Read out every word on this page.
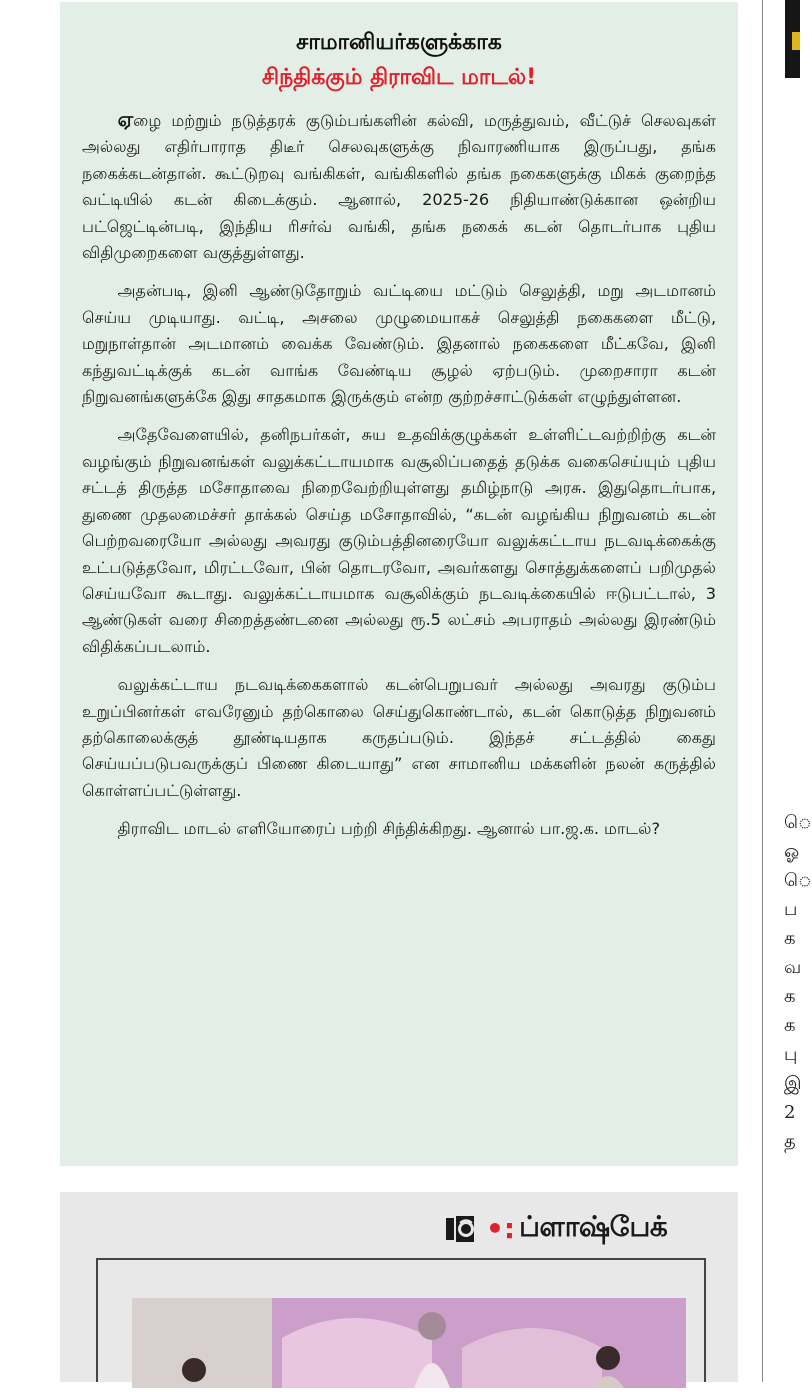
சாமானியர்களுக்காக
சிந்திக்கும் திராவிட மாடல்!

ஏழை மற்றும் நடுத்தரக் குடும்பங்களின் கல்வி, மருத்துவம், வீட்டுச் செலவுகள் அல்லது எதிர்பாராத திடீர் செலவுகளுக்கு நிவாரணியாக இருப்பது, தங்க நகைக்கடன்தான். கூட்டுறவு வங்கிகள், வங்கிகளில் தங்க நகைகளுக்கு மிகக் குறைந்த வட்டியில் கடன் கிடைக்கும். ஆனால், 2025-26 நிதியாண்டுக்கான ஒன்றிய பட்ஜெட்டின்படி, இந்திய ரிசர்வ் வங்கி, தங்க நகைக் கடன் தொடர்பாக புதிய விதிமுறைகளை வகுத்துள்ளது.

அதன்படி, இனி ஆண்டுதோறும் வட்டியை மட்டும் செலுத்தி, மறு அடமானம் செய்ய முடியாது. வட்டி, அசலை முழுமையாகச் செலுத்தி நகைகளை மீட்டு, மறுநாள்தான் அடமானம் வைக்க வேண்டும். இதனால் நகைகளை மீட்கவே, இனி கந்துவட்டிக்குக் கடன் வாங்க வேண்டிய சூழல் ஏற்படும். முறைசாரா கடன் நிறுவனங்களுக்கே இது சாதகமாக இருக்கும் என்ற குற்றச்சாட்டுக்கள் எழுந்துள்ளன.

அதேவேளையில், தனிநபர்கள், சுய உதவிக்குழுக்கள் உள்ளிட்டவற்றிற்கு கடன் வழங்கும் நிறுவனங்கள் வலுக்கட்டாயமாக வசூலிப்பதைத் தடுக்க வகைசெய்யும் புதிய சட்டத் திருத்த மசோதாவை நிறைவேற்றியுள்ளது தமிழ்நாடு அரசு. இதுதொடர்பாக, துணை முதலமைச்சர் தாக்கல் செய்த மசோதாவில், “கடன் வழங்கிய நிறுவனம் கடன் பெற்றவரையோ அல்லது அவரது குடும்பத்தினரையோ வலுக்கட்டாய நடவடிக்கைக்கு உட்படுத்தவோ, மிரட்டவோ, பின் தொடரவோ, அவர்களது சொத்துக்களைப் பறிமுதல் செய்யவோ கூடாது. வலுக்கட்டாயமாக வசூலிக்கும் நடவடிக்கையில் ஈடுபட்டால், 3 ஆண்டுகள் வரை சிறைத்தண்டனை அல்லது ரூ.5 லட்சம் அபராதம் அல்லது இரண்டும் விதிக்கப்படலாம்.

வலுக்கட்டாய நடவடிக்கைகளால் கடன்பெறுபவர் அல்லது அவரது குடும்ப உறுப்பினர்கள் எவரேனும் தற்கொலை செய்துகொண்டால், கடன் கொடுத்த நிறுவனம் தற்கொலைக்குத் தூண்டியதாக கருதப்படும். இந்தச் சட்டத்தில் கைது செய்யப்படுபவருக்குப் பிணை கிடையாது” என சாமானிய மக்களின் நலன் கருத்தில் கொள்ளப்பட்டுள்ளது.

திராவிட மாடல் எளியோரைப் பற்றி சிந்திக்கிறது. ஆனால் பா.ஜ.க. மாடல்?

•: ப்ளாஷ்பேக்
ெ
ஓ
ெ
ப
க
வ
க
க
பு
இ
2
த
